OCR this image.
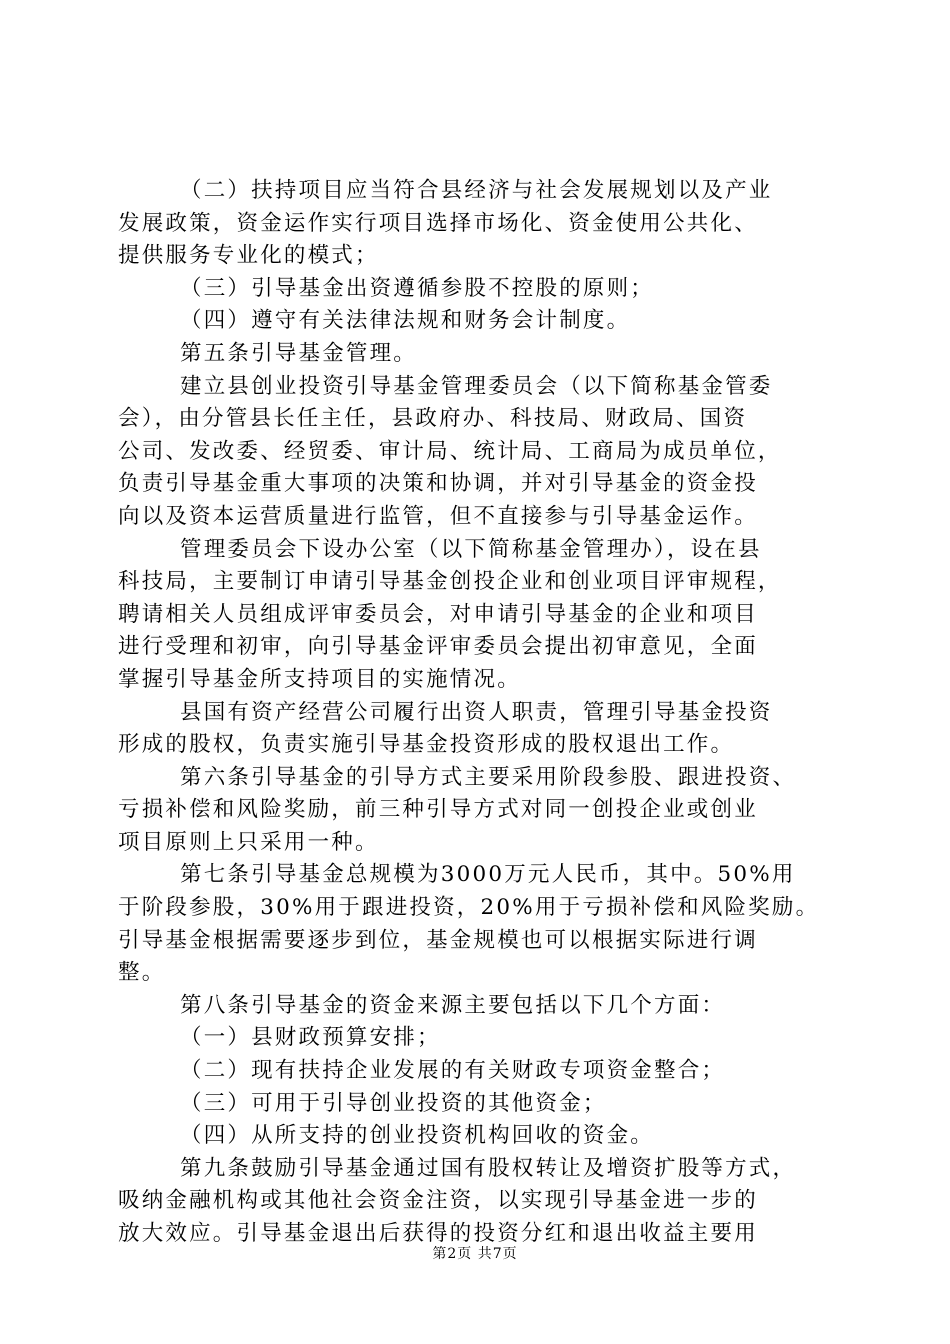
（二）扶持项目应当符合县经济与社会发展规划以及产业
发展政策，资金运作实行项目选择市场化、资金使用公共化、
提供服务专业化的模式；
（三）引导基金出资遵循参股不控股的原则；
（四）遵守有关法律法规和财务会计制度。
第五条引导基金管理。
建立县创业投资引导基金管理委员会（以下简称基金管委
会），由分管县长任主任，县政府办、科技局、财政局、国资
公司、发改委、经贸委、审计局、统计局、工商局为成员单位，
负责引导基金重大事项的决策和协调，并对引导基金的资金投
向以及资本运营质量进行监管，但不直接参与引导基金运作。
管理委员会下设办公室（以下简称基金管理办），设在县
科技局，主要制订申请引导基金创投企业和创业项目评审规程，
聘请相关人员组成评审委员会，对申请引导基金的企业和项目
进行受理和初审，向引导基金评审委员会提出初审意见，全面
掌握引导基金所支持项目的实施情况。
县国有资产经营公司履行出资人职责，管理引导基金投资
形成的股权，负责实施引导基金投资形成的股权退出工作。
第六条引导基金的引导方式主要采用阶段参股、跟进投资、
亏损补偿和风险奖励，前三种引导方式对同一创投企业或创业
项目原则上只采用一种。
第七条引导基金总规模为3000万元人民币，其中。50%用
于阶段参股，30%用于跟进投资，20%用于亏损补偿和风险奖励。
引导基金根据需要逐步到位，基金规模也可以根据实际进行调
整。
第八条引导基金的资金来源主要包括以下几个方面：
（一）县财政预算安排；
（二）现有扶持企业发展的有关财政专项资金整合；
（三）可用于引导创业投资的其他资金；
（四）从所支持的创业投资机构回收的资金。
第九条鼓励引导基金通过国有股权转让及增资扩股等方式，
吸纳金融机构或其他社会资金注资，以实现引导基金进一步的
放大效应。引导基金退出后获得的投资分红和退出收益主要用
第2页 共7页
